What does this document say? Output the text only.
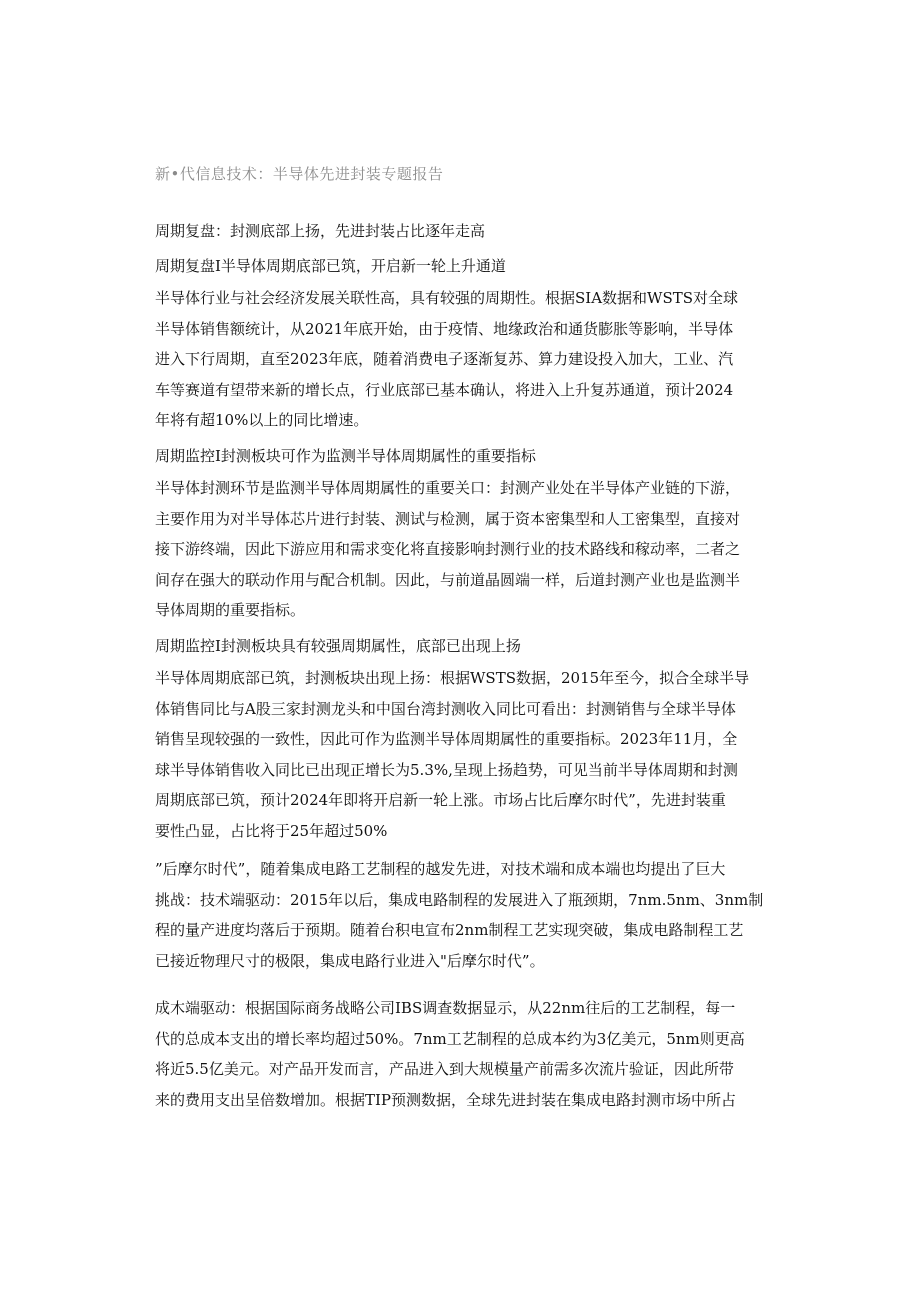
新•代信息技术：半导体先进封装专题报告
周期复盘：封测底部上扬，先进封装占比逐年走高
周期复盘I半导体周期底部已筑，开启新一轮上升通道
半导体行业与社会经济发展关联性高，具有较强的周期性。根据SIA数据和WSTS对全球
半导体销售额统计，从2021年底开始，由于疫情、地缘政治和通货膨胀等影响，半导体
进入下行周期，直至2023年底，随着消费电子逐渐复苏、算力建设投入加大，工业、汽
车等赛道有望带来新的增长点，行业底部已基本确认，将进入上升复苏通道，预计2024
年将有超10%以上的同比增速。
周期监控I封测板块可作为监测半导体周期属性的重要指标
半导体封测环节是监测半导体周期属性的重要关口：封测产业处在半导体产业链的下游，
主要作用为对半导体芯片进行封装、测试与检测，属于资本密集型和人工密集型，直接对
接下游终端，因此下游应用和需求变化将直接影响封测行业的技术路线和稼动率，二者之
间存在强大的联动作用与配合机制。因此，与前道晶圆端一样，后道封测产业也是监测半
导体周期的重要指标。
周期监控I封测板块具有较强周期属性，底部已出现上扬
半导体周期底部已筑，封测板块出现上扬：根据WSTS数据，2015年至今，拟合全球半导
体销售同比与A股三家封测龙头和中国台湾封测收入同比可看出：封测销售与全球半导体
销售呈现较强的一致性，因此可作为监测半导体周期属性的重要指标。2023年11月，全
球半导体销售收入同比已出现正增长为5.3%,呈现上扬趋势，可见当前半导体周期和封测
周期底部已筑，预计2024年即将开启新一轮上涨。市场占比后摩尔时代”，先进封装重
要性凸显，占比将于25年超过50%
”后摩尔时代”，随着集成电路工艺制程的越发先进，对技术端和成本端也均提出了巨大
挑战：技术端驱动：2015年以后，集成电路制程的发展进入了瓶颈期，7nm.5nm、3nm制
程的量产进度均落后于预期。随着台积电宣布2nm制程工艺实现突破，集成电路制程工艺
已接近物理尺寸的极限，集成电路行业进入"后摩尔时代”。
成木端驱动：根据国际商务战略公司IBS调查数据显示，从22nm往后的工艺制程，每一
代的总成本支出的增长率均超过50%。7nm工艺制程的总成本约为3亿美元，5nm则更高
将近5.5亿美元。对产品开发而言，产品进入到大规模量产前需多次流片验证，因此所带
来的费用支出呈倍数增加。根据TIP预测数据，全球先进封装在集成电路封测市场中所占
